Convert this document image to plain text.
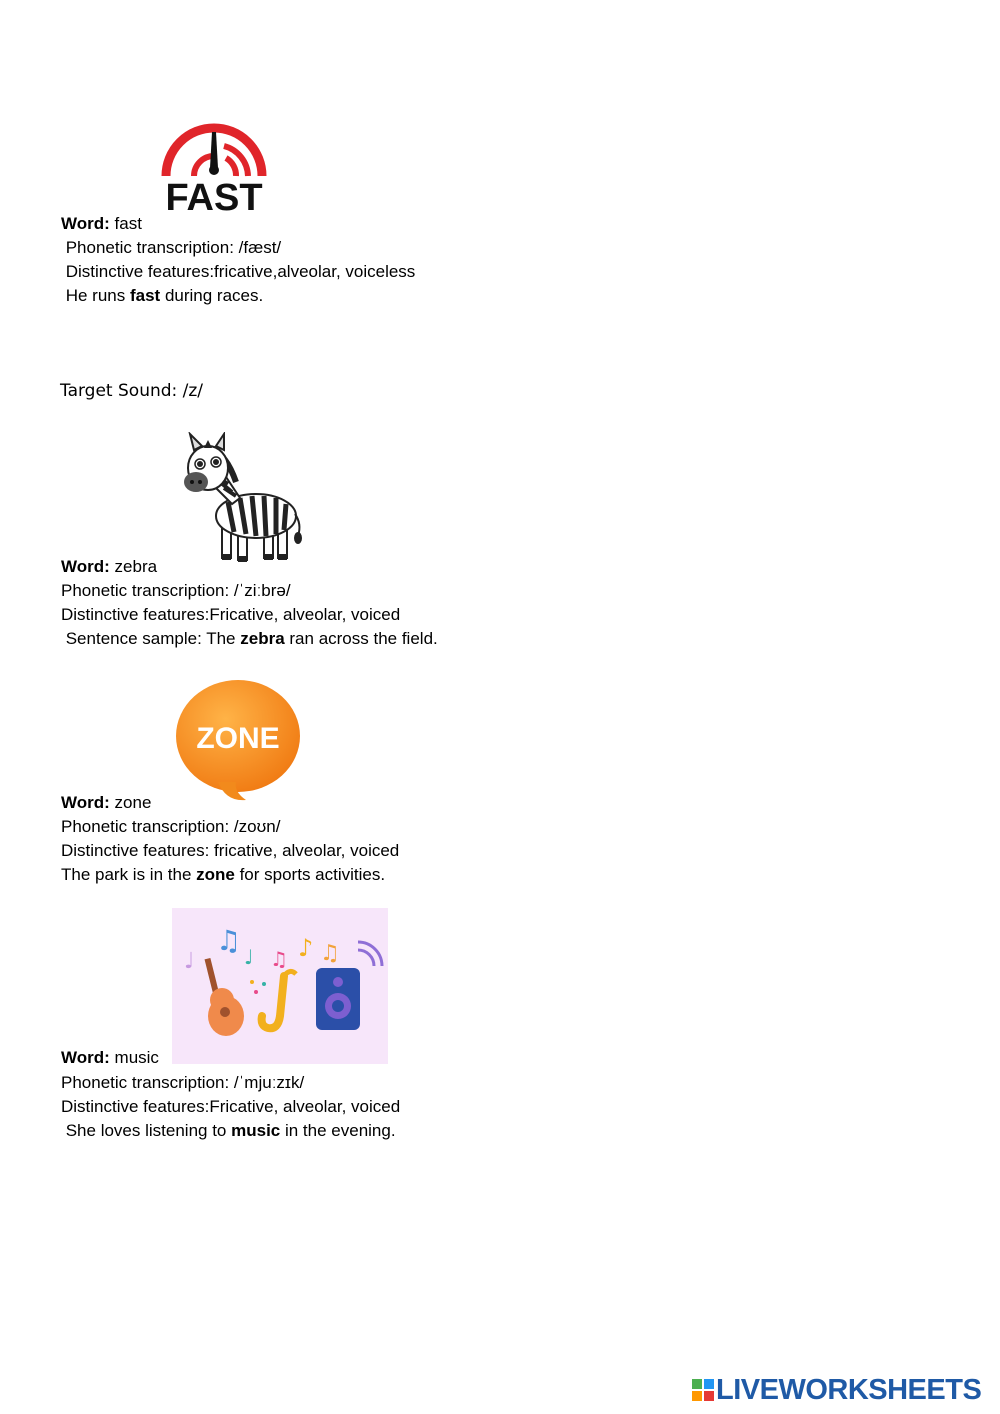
FAST
Word: fast
Phonetic transcription: /fæst/
Distinctive features:fricative,alveolar, voiceless
He runs fast during races.
Target Sound: /z/
Word: zebra
Phonetic transcription: /ˈziːbrə/
Distinctive features:Fricative, alveolar, voiced
Sentence sample: The zebra ran across the field.
ZONE
Word: zone
Phonetic transcription: /zoʊn/
Distinctive features: fricative, alveolar, voiced
The park is in the zone for sports activities.
♩
♫ ♩ ♫ ♪ ♫
Word: music
Phonetic transcription: /ˈmjuːzɪk/
Distinctive features:Fricative, alveolar, voiced
She loves listening to music in the evening.
LIVEWORKSHEETS
